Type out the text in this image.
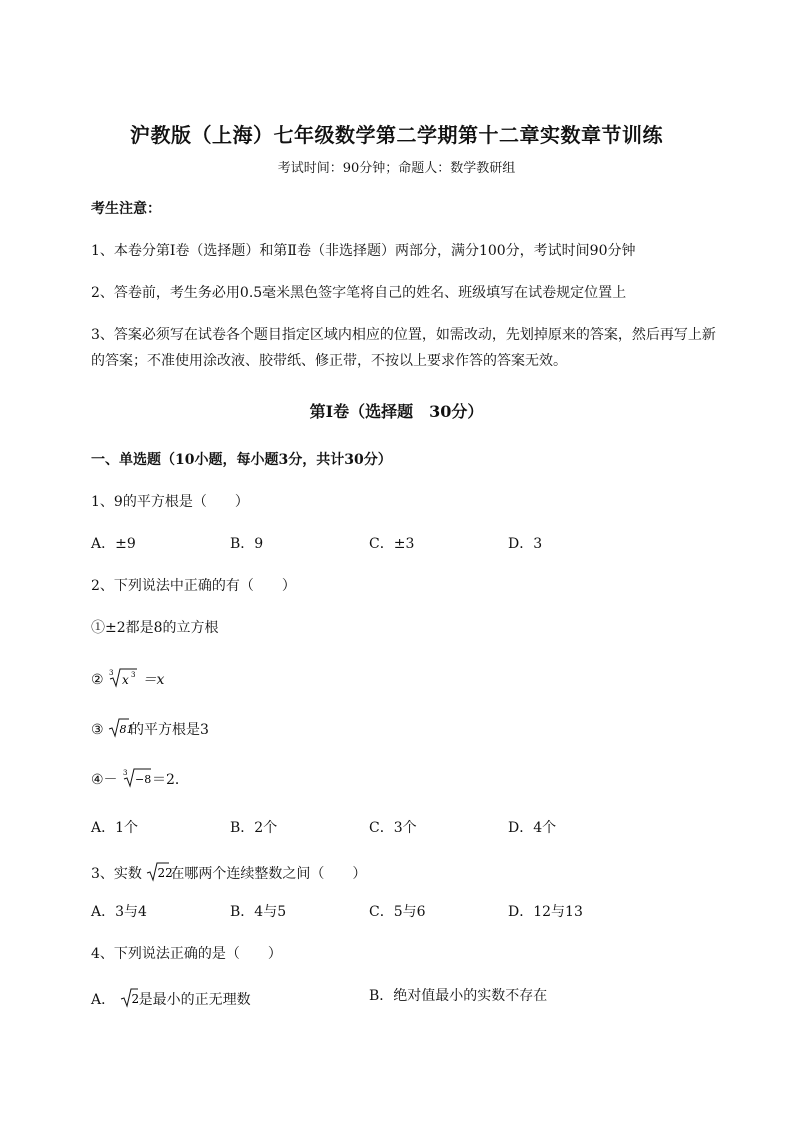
沪教版（上海）七年级数学第二学期第十二章实数章节训练
考试时间：90分钟；命题人：数学教研组
考生注意：
1、本卷分第Ⅰ卷（选择题）和第Ⅱ卷（非选择题）两部分，满分100分，考试时间90分钟
2、答卷前，考生务必用0.5毫米黑色签字笔将自己的姓名、班级填写在试卷规定位置上
3、答案必须写在试卷各个题目指定区域内相应的位置，如需改动，先划掉原来的答案，然后再写上新
的答案；不准使用涂改液、胶带纸、修正带，不按以上要求作答的答案无效。
第Ⅰ卷（选择题　30分）
一、单选题（10小题，每小题3分，共计30分）
1、9的平方根是（　　）
A．±9	B．9	C．±3	D．3
2、下列说法中正确的有（　　）
①±2都是8的立方根
② 3 x 3 ＝x
③ 81
的平方根是3
④－ 3 −8 ＝2．
A．1个	B．2个	C．3个	D．4个
3、实数 22
在哪两个连续整数之间（　　）
A．3与4	B．4与5	C．5与6	D．12与13
4、下列说法正确的是（　　）
A． 2 是最小的正无理数	B．绝对值最小的实数不存在
